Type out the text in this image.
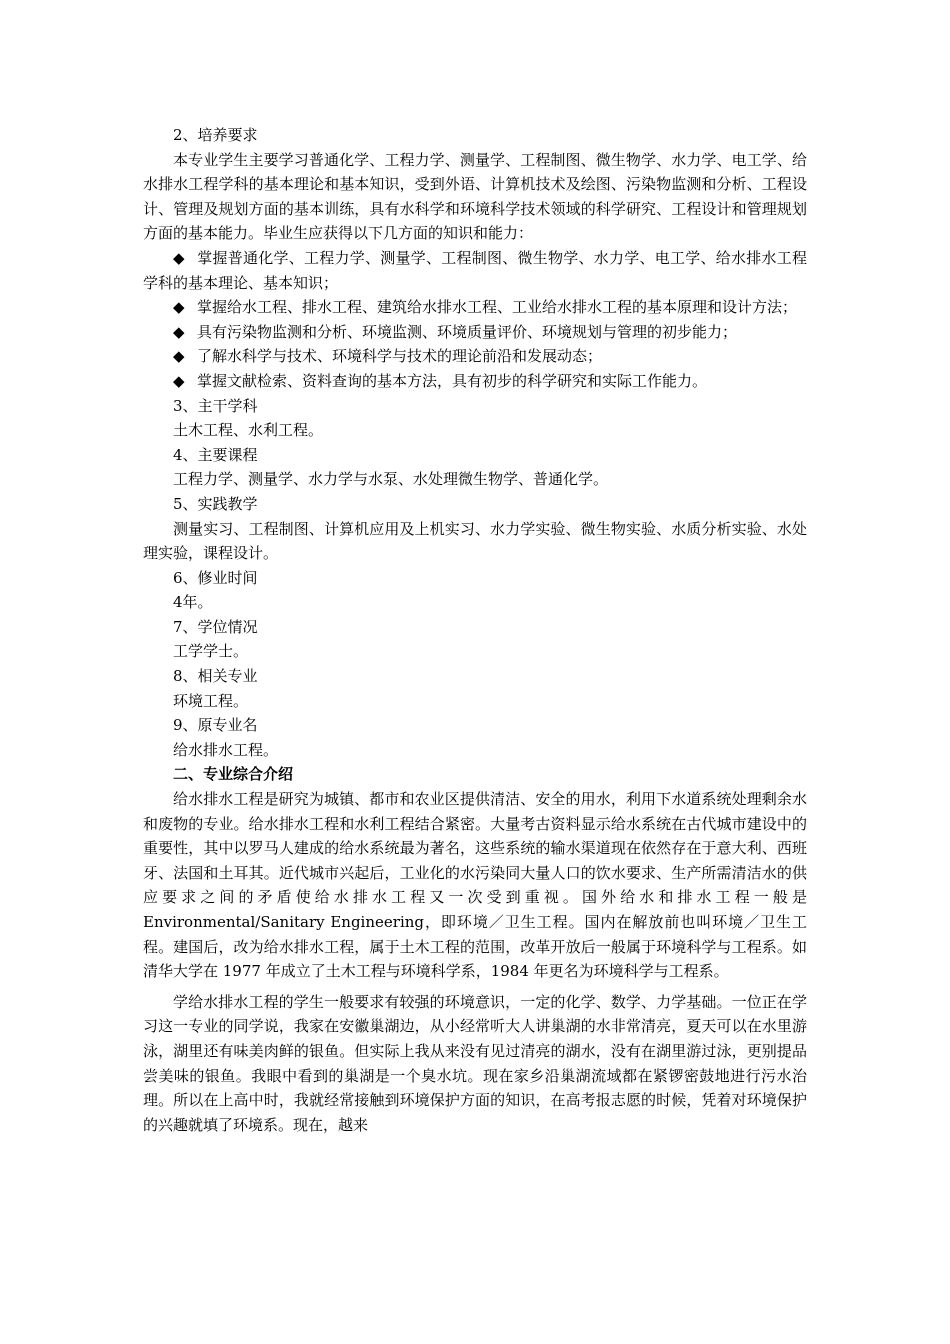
2、培养要求

本专业学生主要学习普通化学、工程力学、测量学、工程制图、微生物学、水力学、电工学、给水排水工程学科的基本理论和基本知识，受到外语、计算机技术及绘图、污染物监测和分析、工程设计、管理及规划方面的基本训练，具有水科学和环境科学技术领域的科学研究、工程设计和管理规划方面的基本能力。毕业生应获得以下几方面的知识和能力：

◆ 掌握普通化学、工程力学、测量学、工程制图、微生物学、水力学、电工学、给水排水工程学科的基本理论、基本知识；

◆ 掌握给水工程、排水工程、建筑给水排水工程、工业给水排水工程的基本原理和设计方法；

◆ 具有污染物监测和分析、环境监测、环境质量评价、环境规划与管理的初步能力；

◆ 了解水科学与技术、环境科学与技术的理论前沿和发展动态；

◆ 掌握文献检索、资料查询的基本方法，具有初步的科学研究和实际工作能力。

3、主干学科

土木工程、水利工程。

4、主要课程

工程力学、测量学、水力学与水泵、水处理微生物学、普通化学。

5、实践教学

测量实习、工程制图、计算机应用及上机实习、水力学实验、微生物实验、水质分析实验、水处理实验，课程设计。

6、修业时间

4年。

7、学位情况

工学学士。

8、相关专业

环境工程。

9、原专业名

给水排水工程。

二、专业综合介绍

给水排水工程是研究为城镇、都市和农业区提供清洁、安全的用水，利用下水道系统处理剩余水和废物的专业。给水排水工程和水利工程结合紧密。大量考古资料显示给水系统在古代城市建设中的重要性，其中以罗马人建成的给水系统最为著名，这些系统的输水渠道现在依然存在于意大利、西班牙、法国和土耳其。近代城市兴起后，工业化的水污染同大量人口的饮水要求、生产所需清洁水的供应要求之间的矛盾使给水排水工程又一次受到重视。国外给水和排水工程一般是 Environmental/Sanitary Engineering，即环境／卫生工程。国内在解放前也叫环境／卫生工程。建国后，改为给水排水工程，属于土木工程的范围，改革开放后一般属于环境科学与工程系。如清华大学在 1977 年成立了土木工程与环境科学系，1984 年更名为环境科学与工程系。

学给水排水工程的学生一般要求有较强的环境意识，一定的化学、数学、力学基础。一位正在学习这一专业的同学说，我家在安徽巢湖边，从小经常听大人讲巢湖的水非常清亮，夏天可以在水里游泳，湖里还有味美肉鲜的银鱼。但实际上我从来没有见过清亮的湖水，没有在湖里游过泳，更别提品尝美味的银鱼。我眼中看到的巢湖是一个臭水坑。现在家乡沿巢湖流域都在紧锣密鼓地进行污水治理。所以在上高中时，我就经常接触到环境保护方面的知识，在高考报志愿的时候，凭着对环境保护的兴趣就填了环境系。现在，越来
